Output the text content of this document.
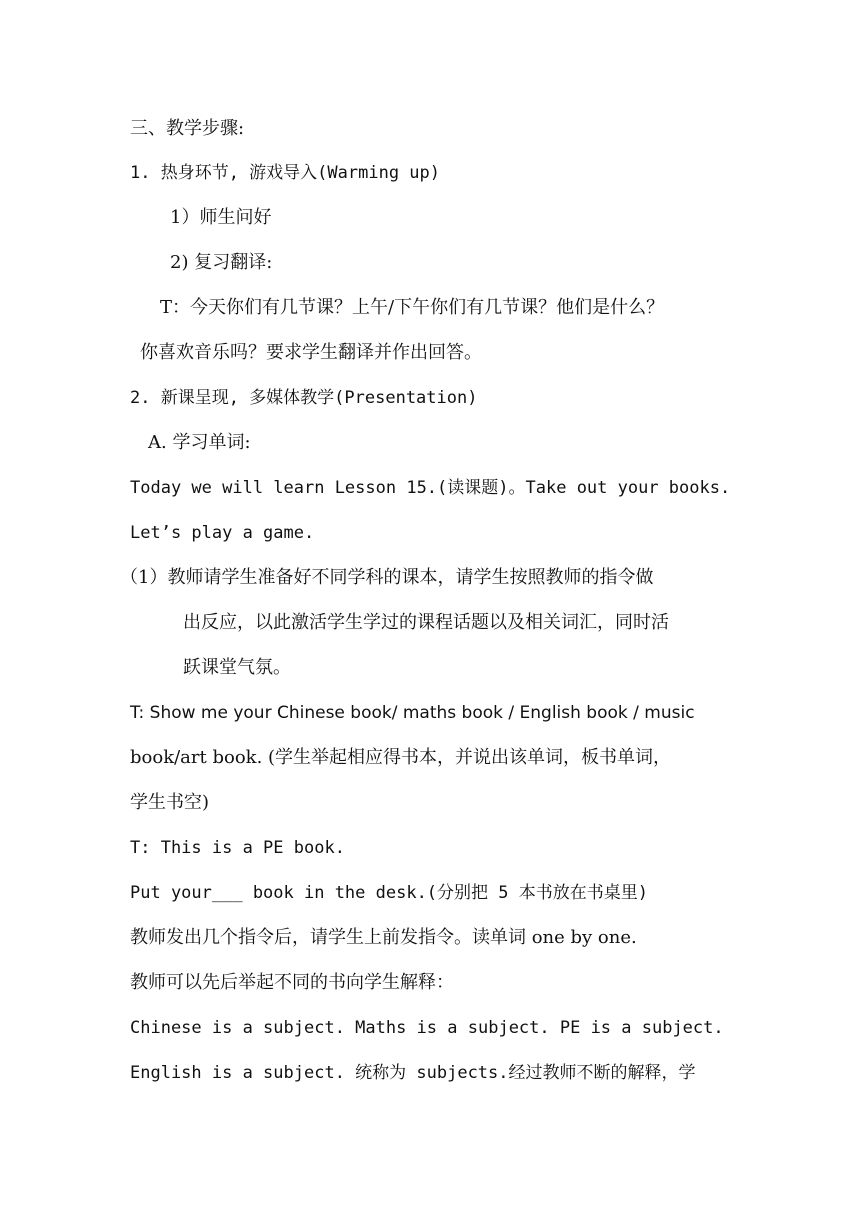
三、教学步骤:
1. 热身环节, 游戏导入(Warming up)
1）师生问好
2) 复习翻译:
T：今天你们有几节课？上午/下午你们有几节课？他们是什么？
你喜欢音乐吗？要求学生翻译并作出回答。
2. 新课呈现, 多媒体教学(Presentation)
A. 学习单词:
Today we will learn Lesson 15.(读课题)。Take out your books.
Let’s play a game.
（1）教师请学生准备好不同学科的课本，请学生按照教师的指令做
出反应，以此激活学生学过的课程话题以及相关词汇，同时活
跃课堂气氛。
T: Show me your Chinese book/ maths book / English book / music
book/art book. (学生举起相应得书本，并说出该单词，板书单词，
学生书空)
T: This is a PE book.
Put your___ book in the desk.(分别把 5 本书放在书桌里)
教师发出几个指令后，请学生上前发指令。读单词 one by one.
教师可以先后举起不同的书向学生解释：
Chinese is a subject. Maths is a subject. PE is a subject.
English is a subject. 统称为 subjects.经过教师不断的解释，学
